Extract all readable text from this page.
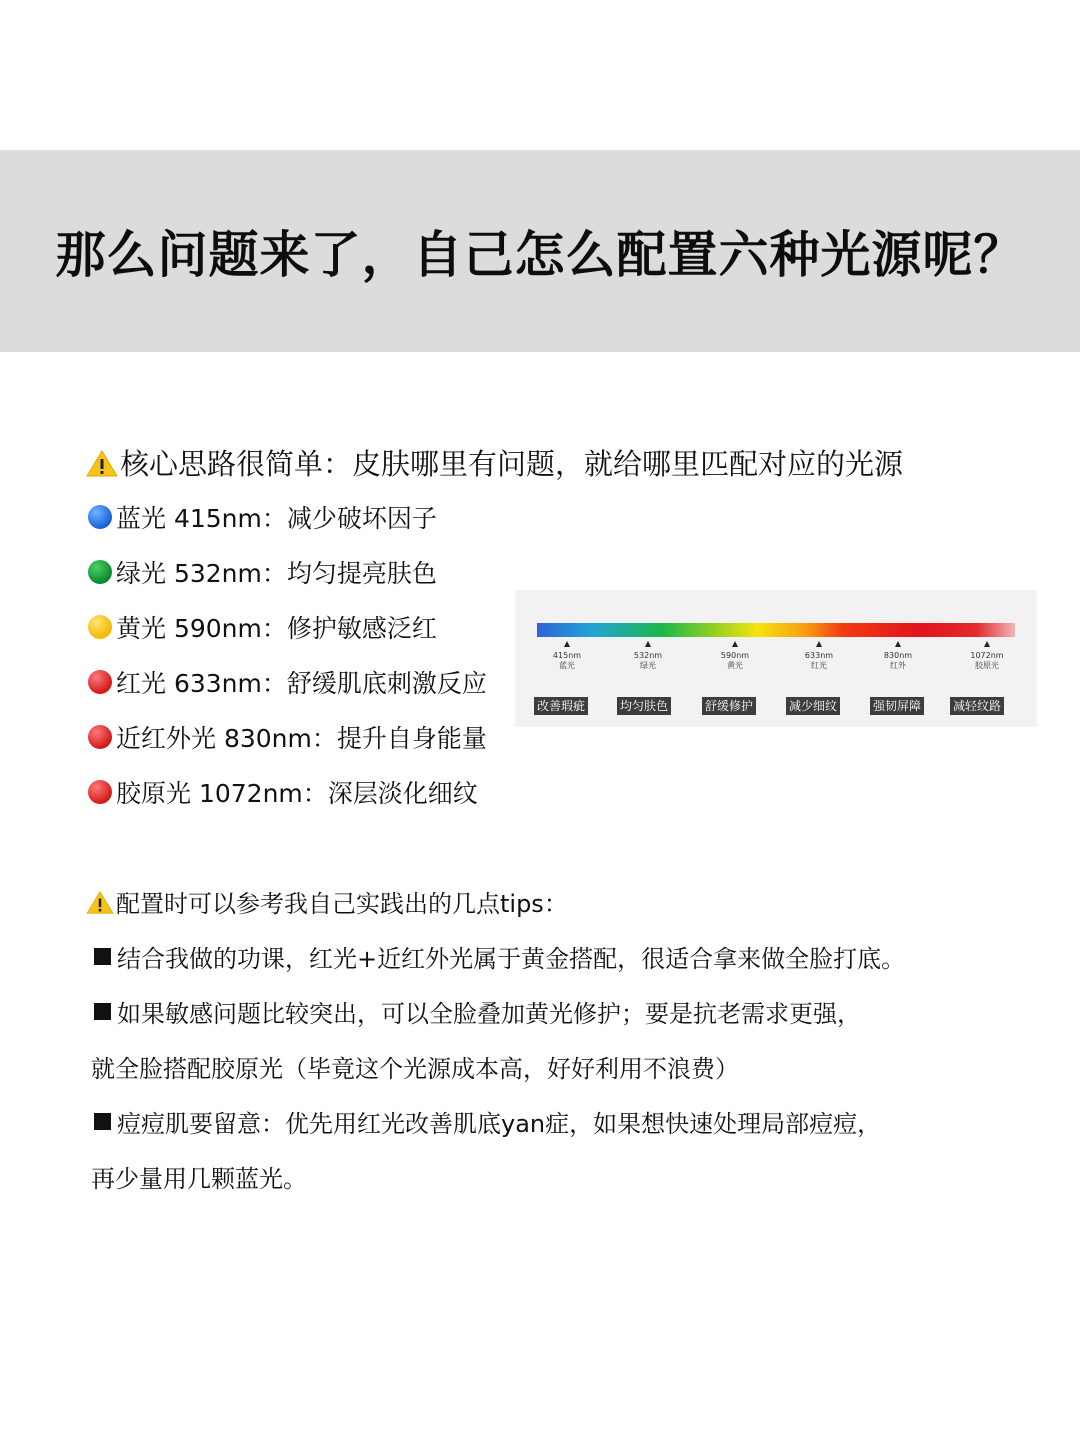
那么问题来了，自己怎么配置六种光源呢？
核心思路很简单：皮肤哪里有问题，就给哪里匹配对应的光源
蓝光 415nm：减少破坏因子
绿光 532nm：均匀提亮肤色
黄光 590nm：修护敏感泛红
红光 633nm：舒缓肌底刺激反应
近红外光 830nm：提升自身能量
胶原光 1072nm：深层淡化细纹
415nm
蓝光
532nm
绿光
590nm
黄光
633nm
红光
830nm
红外
1072nm
胶原光
改善瑕疵	均匀肤色	舒缓修护	减少细纹	强韧屏障	减轻纹路
配置时可以参考我自己实践出的几点tips：
结合我做的功课，红光+近红外光属于黄金搭配，很适合拿来做全脸打底。
如果敏感问题比较突出，可以全脸叠加黄光修护；要是抗老需求更强，
就全脸搭配胶原光（毕竟这个光源成本高，好好利用不浪费）
痘痘肌要留意：优先用红光改善肌底yan症，如果想快速处理局部痘痘，
再少量用几颗蓝光。
